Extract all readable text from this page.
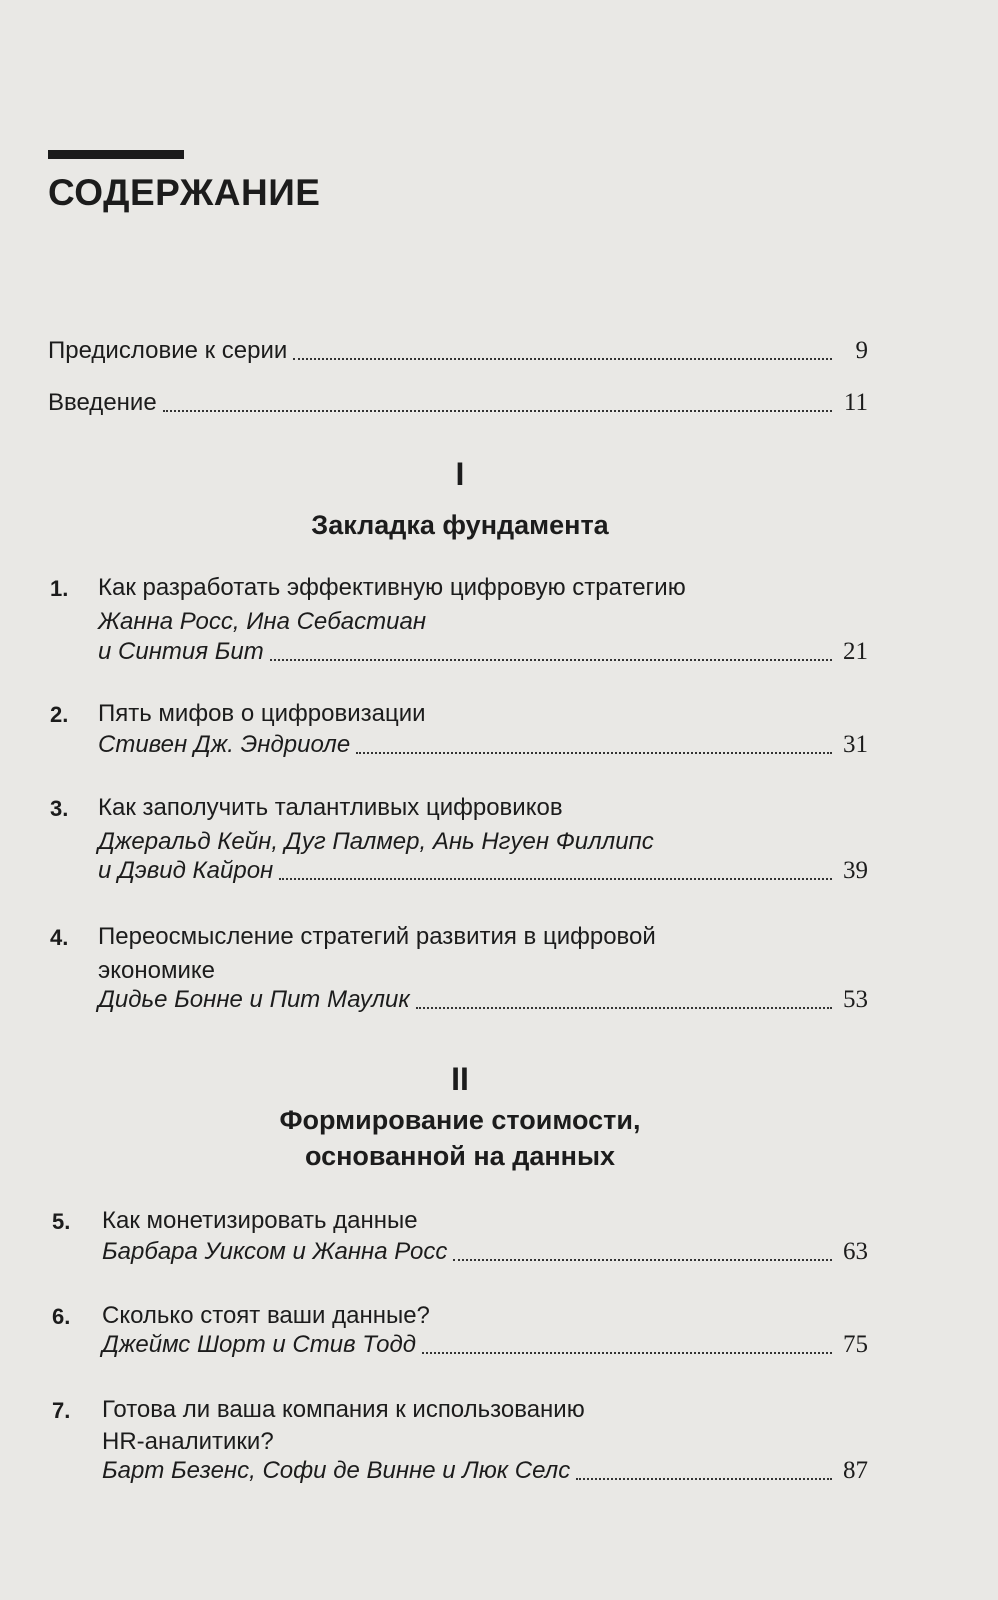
СОДЕРЖАНИЕ
Предисловие к серии	9
Введение	11
I
Закладка фундамента
1. Как разработать эффективную цифровую стратегию
Жанна Росс, Ина Себастиан
и Синтия Бит	21
2. Пять мифов о цифровизации
Стивен Дж. Эндриоле	31
3. Как заполучить талантливых цифровиков
Джеральд Кейн, Дуг Палмер, Ань Нгуен Филлипс
и Дэвид Кайрон	39
4. Переосмысление стратегий развития в цифровой
экономике
Дидье Бонне и Пит Маулик	53
II
Формирование стоимости,
основанной на данных
5. Как монетизировать данные
Барбара Уиксом и Жанна Росс	63
6. Сколько стоят ваши данные?
Джеймс Шорт и Стив Тодд	75
7. Готова ли ваша компания к использованию
HR-аналитики?
Барт Безенс, Софи де Винне и Люк Селс	87
